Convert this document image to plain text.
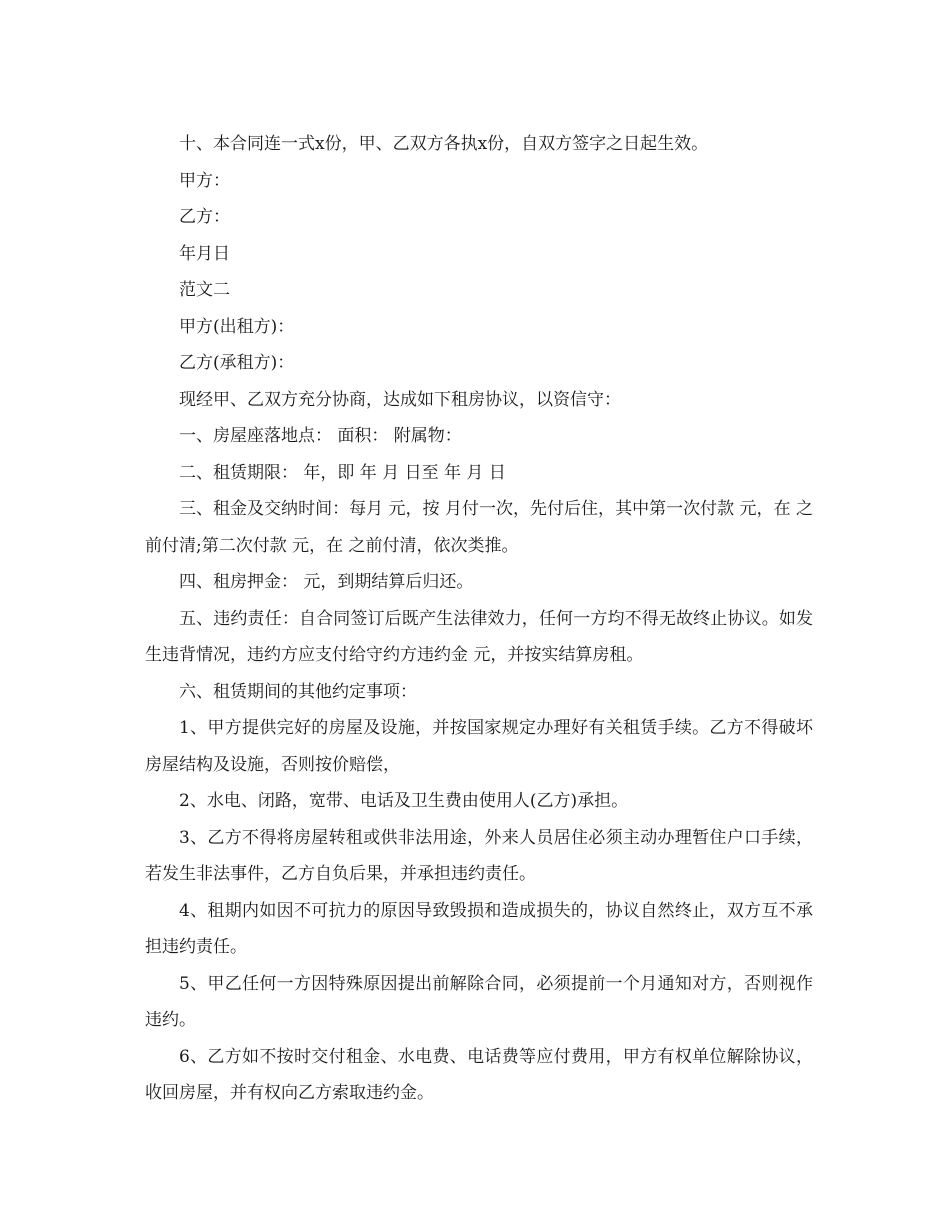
十、本合同连一式x份，甲、乙双方各执x份，自双方签字之日起生效。

甲方：

乙方：

年月日

范文二

甲方(出租方)：

乙方(承租方)：

现经甲、乙双方充分协商，达成如下租房协议，以资信守：

一、房屋座落地点： 面积： 附属物：

二、租赁期限： 年，即 年 月 日至 年 月 日

三、租金及交纳时间：每月 元，按 月付一次，先付后住，其中第一次付款 元，在 之前付清;第二次付款 元，在 之前付清，依次类推。

四、租房押金： 元，到期结算后归还。

五、违约责任：自合同签订后既产生法律效力，任何一方均不得无故终止协议。如发生违背情况，违约方应支付给守约方违约金 元，并按实结算房租。

六、租赁期间的其他约定事项：

1、甲方提供完好的房屋及设施，并按国家规定办理好有关租赁手续。乙方不得破坏房屋结构及设施，否则按价赔偿，

2、水电、闭路，宽带、电话及卫生费由使用人(乙方)承担。

3、乙方不得将房屋转租或供非法用途，外来人员居住必须主动办理暂住户口手续，若发生非法事件，乙方自负后果，并承担违约责任。

4、租期内如因不可抗力的原因导致毁损和造成损失的，协议自然终止，双方互不承担违约责任。

5、甲乙任何一方因特殊原因提出前解除合同，必须提前一个月通知对方，否则视作违约。

6、乙方如不按时交付租金、水电费、电话费等应付费用，甲方有权单位解除协议，收回房屋，并有权向乙方索取违约金。
